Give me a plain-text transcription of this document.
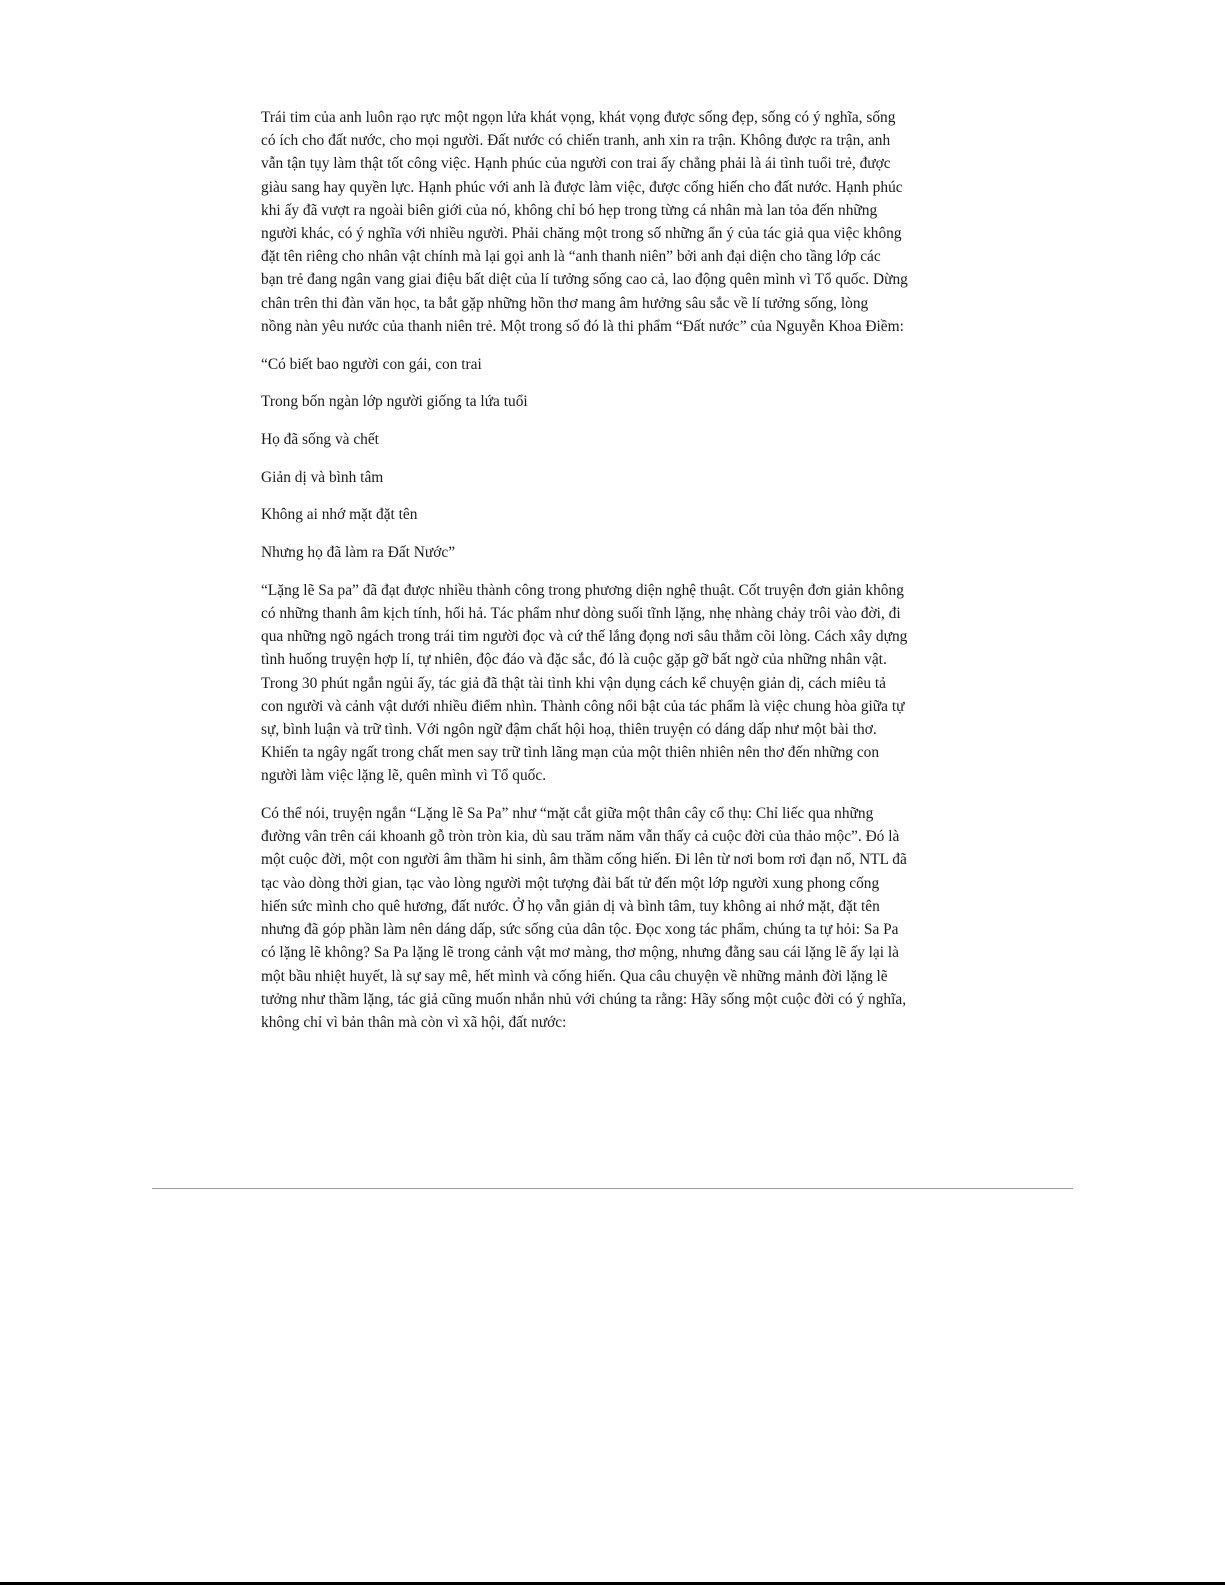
Trái tim của anh luôn rạo rực một ngọn lửa khát vọng, khát vọng được sống đẹp, sống có ý nghĩa, sống
có ích cho đất nước, cho mọi người. Đất nước có chiến tranh, anh xin ra trận. Không được ra trận, anh
vẫn tận tụy làm thật tốt công việc. Hạnh phúc của người con trai ấy chẳng phải là ái tình tuổi trẻ, được
giàu sang hay quyền lực. Hạnh phúc với anh là được làm việc, được cống hiến cho đất nước. Hạnh phúc
khi ấy đã vượt ra ngoài biên giới của nó, không chỉ bó hẹp trong từng cá nhân mà lan tỏa đến những
người khác, có ý nghĩa với nhiều người. Phải chăng một trong số những ẩn ý của tác giả qua việc không
đặt tên riêng cho nhân vật chính mà lại gọi anh là “anh thanh niên” bởi anh đại diện cho tầng lớp các
bạn trẻ đang ngân vang giai điệu bất diệt của lí tưởng sống cao cả, lao động quên mình vì Tổ quốc. Dừng
chân trên thi đàn văn học, ta bắt gặp những hồn thơ mang âm hưởng sâu sắc về lí tưởng sống, lòng
nồng nàn yêu nước của thanh niên trẻ. Một trong số đó là thi phẩm “Đất nước” của Nguyễn Khoa Điềm:

“Có biết bao người con gái, con trai

Trong bốn ngàn lớp người giống ta lứa tuổi

Họ đã sống và chết

Giản dị và bình tâm

Không ai nhớ mặt đặt tên

Nhưng họ đã làm ra Đất Nước”

“Lặng lẽ Sa pa” đã đạt được nhiều thành công trong phương diện nghệ thuật. Cốt truyện đơn giản không
có những thanh âm kịch tính, hối hả. Tác phẩm như dòng suối tĩnh lặng, nhẹ nhàng chảy trôi vào đời, đi
qua những ngõ ngách trong trái tim người đọc và cứ thế lắng đọng nơi sâu thẳm cõi lòng. Cách xây dựng
tình huống truyện hợp lí, tự nhiên, độc đáo và đặc sắc, đó là cuộc gặp gỡ bất ngờ của những nhân vật.
Trong 30 phút ngắn ngủi ấy, tác giả đã thật tài tình khi vận dụng cách kể chuyện giản dị, cách miêu tả
con người và cảnh vật dưới nhiều điểm nhìn. Thành công nổi bật của tác phẩm là việc chung hòa giữa tự
sự, bình luận và trữ tình. Với ngôn ngữ đậm chất hội hoạ, thiên truyện có dáng dấp như một bài thơ.
Khiến ta ngây ngất trong chất men say trữ tình lãng mạn của một thiên nhiên nên thơ đến những con
người làm việc lặng lẽ, quên mình vì Tổ quốc.

Có thể nói, truyện ngắn “Lặng lẽ Sa Pa” như “mặt cắt giữa một thân cây cổ thụ: Chỉ liếc qua những
đường vân trên cái khoanh gỗ tròn tròn kia, dù sau trăm năm vẫn thấy cả cuộc đời của thảo mộc”. Đó là
một cuộc đời, một con người âm thầm hi sinh, âm thầm cống hiến. Đi lên từ nơi bom rơi đạn nổ, NTL đã
tạc vào dòng thời gian, tạc vào lòng người một tượng đài bất tử đến một lớp người xung phong cống
hiến sức mình cho quê hương, đất nước. Ở họ vẫn giản dị và bình tâm, tuy không ai nhớ mặt, đặt tên
nhưng đã góp phần làm nên dáng dấp, sức sống của dân tộc. Đọc xong tác phẩm, chúng ta tự hỏi: Sa Pa
có lặng lẽ không? Sa Pa lặng lẽ trong cảnh vật mơ màng, thơ mộng, nhưng đằng sau cái lặng lẽ ấy lại là
một bầu nhiệt huyết, là sự say mê, hết mình và cống hiến. Qua câu chuyện về những mảnh đời lặng lẽ
tưởng như thầm lặng, tác giả cũng muốn nhắn nhủ với chúng ta rằng: Hãy sống một cuộc đời có ý nghĩa,
không chỉ vì bản thân mà còn vì xã hội, đất nước:
